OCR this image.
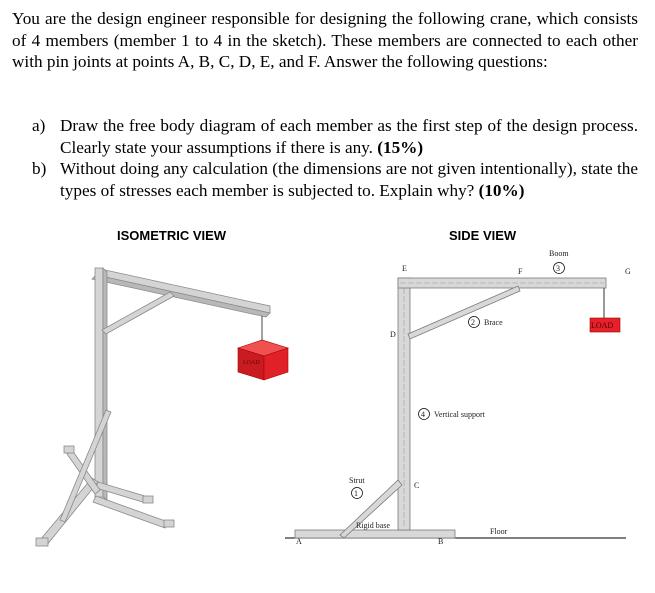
You are the design engineer responsible for designing the following crane, which consists of 4 members (member 1 to 4 in the sketch). These members are connected to each other with pin joints at points A, B, C, D, E, and F. Answer the following questions:

a) Draw the free body diagram of each member as the first step of the design process. Clearly state your assumptions if there is any. (15%)
b) Without doing any calculation (the dimensions are not given intentionally), state the types of stresses each member is subjected to. Explain why? (10%)
ISOMETRIC VIEW	SIDE VIEW
LOAD
E	F	G
D
C
A	B
Boom
3
Brace
2
Vertical support
4
Strut
1
Rigid base
Floor
LOAD
